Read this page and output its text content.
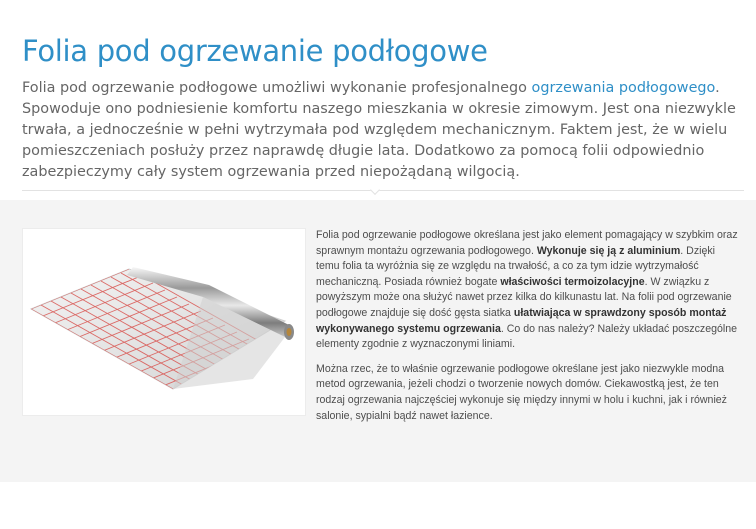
Folia pod ogrzewanie podłogowe

Folia pod ogrzewanie podłogowe umożliwi wykonanie profesjonalnego ogrzewania podłogowego. Spowoduje ono podniesienie komfortu naszego mieszkania w okresie zimowym. Jest ona niezwykle trwała, a jednocześnie w pełni wytrzymała pod względem mechanicznym. Faktem jest, że w wielu pomieszczeniach posłuży przez naprawdę długie lata. Dodatkowo za pomocą folii odpowiednio zabezpieczymy cały system ogrzewania przed niepożądaną wilgocią.

Folia pod ogrzewanie podłogowe określana jest jako element pomagający w szybkim oraz sprawnym montażu ogrzewania podłogowego. Wykonuje się ją z aluminium. Dzięki temu folia ta wyróżnia się ze względu na trwałość, a co za tym idzie wytrzymałość mechaniczną. Posiada również bogate właściwości termoizolacyjne. W związku z powyższym może ona służyć nawet przez kilka do kilkunastu lat. Na folii pod ogrzewanie podłogowe znajduje się dość gęsta siatka ułatwiająca w sprawdzony sposób montaż wykonywanego systemu ogrzewania. Co do nas należy? Należy układać poszczególne elementy zgodnie z wyznaczonymi liniami.

Można rzec, że to właśnie ogrzewanie podłogowe określane jest jako niezwykle modna metod ogrzewania, jeżeli chodzi o tworzenie nowych domów. Ciekawostką jest, że ten rodzaj ogrzewania najczęściej wykonuje się między innymi w holu i kuchni, jak i również salonie, sypialni bądź nawet łazience.
